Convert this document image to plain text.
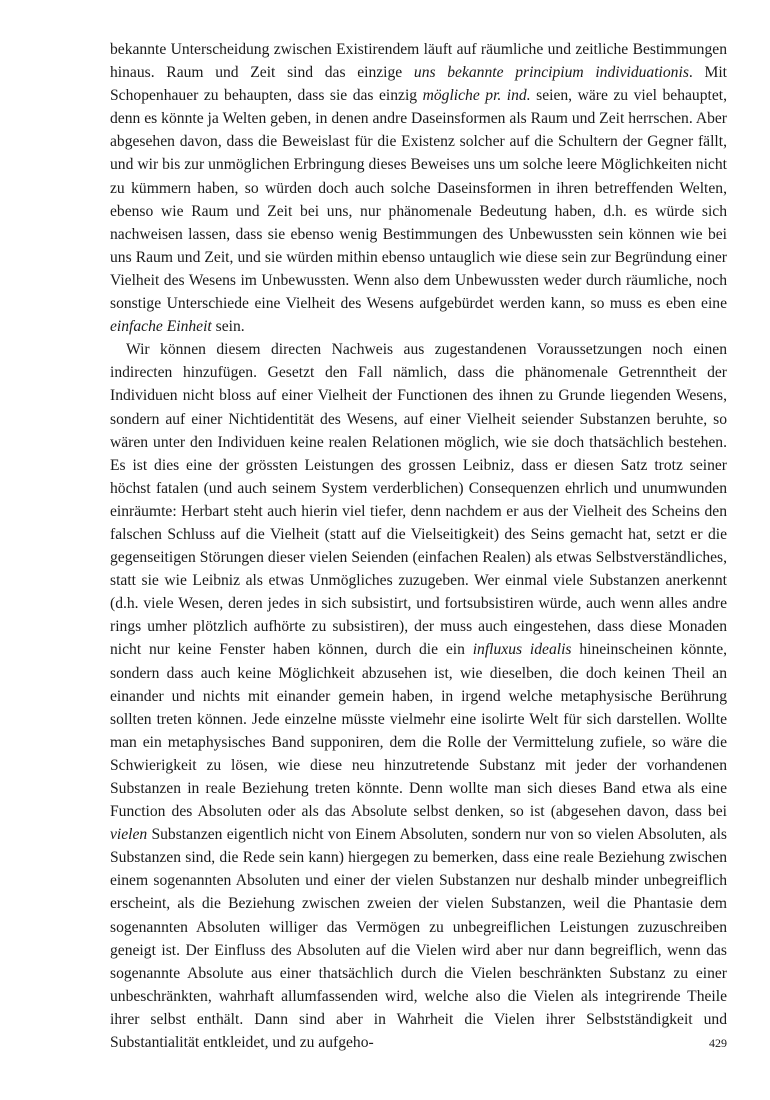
bekannte Unterscheidung zwischen Existirendem läuft auf räumliche und zeitliche Bestimmungen hinaus. Raum und Zeit sind das einzige uns bekannte principium individuationis. Mit Schopenhauer zu behaupten, dass sie das einzig mögliche pr. ind. seien, wäre zu viel behauptet, denn es könnte ja Welten geben, in denen andre Daseinsformen als Raum und Zeit herrschen. Aber abgesehen davon, dass die Beweislast für die Existenz solcher auf die Schultern der Gegner fällt, und wir bis zur unmöglichen Erbringung dieses Beweises uns um solche leere Möglichkeiten nicht zu kümmern haben, so würden doch auch solche Daseinsformen in ihren betreffenden Welten, ebenso wie Raum und Zeit bei uns, nur phänomenale Bedeutung haben, d.h. es würde sich nachweisen lassen, dass sie ebenso wenig Bestimmungen des Unbewussten sein können wie bei uns Raum und Zeit, und sie würden mithin ebenso untauglich wie diese sein zur Begründung einer Vielheit des Wesens im Unbewussten. Wenn also dem Unbewussten weder durch räumliche, noch sonstige Unterschiede eine Vielheit des Wesens aufgebürdet werden kann, so muss es eben eine einfache Einheit sein.

Wir können diesem directen Nachweis aus zugestandenen Voraussetzungen noch einen indirecten hinzufügen. Gesetzt den Fall nämlich, dass die phänomenale Getrenntheit der Individuen nicht bloss auf einer Vielheit der Functionen des ihnen zu Grunde liegenden Wesens, sondern auf einer Nichtidentität des Wesens, auf einer Vielheit seiender Substanzen beruhte, so wären unter den Individuen keine realen Relationen möglich, wie sie doch thatsächlich bestehen. Es ist dies eine der grössten Leistungen des grossen Leibniz, dass er diesen Satz trotz seiner höchst fatalen (und auch seinem System verderblichen) Consequenzen ehrlich und unumwunden einräumte: Herbart steht auch hierin viel tiefer, denn nachdem er aus der Vielheit des Scheins den falschen Schluss auf die Vielheit (statt auf die Vielseitigkeit) des Seins gemacht hat, setzt er die gegenseitigen Störungen dieser vielen Seienden (einfachen Realen) als etwas Selbstverständliches, statt sie wie Leibniz als etwas Unmögliches zuzugeben. Wer einmal viele Substanzen anerkennt (d.h. viele Wesen, deren jedes in sich subsistirt, und fortsubsistiren würde, auch wenn alles andre rings umher plötzlich aufhörte zu subsistiren), der muss auch eingestehen, dass diese Monaden nicht nur keine Fenster haben können, durch die ein influxus idealis hineinscheinen könnte, sondern dass auch keine Möglichkeit abzusehen ist, wie dieselben, die doch keinen Theil an einander und nichts mit einander gemein haben, in irgend welche metaphysische Berührung sollten treten können. Jede einzelne müsste vielmehr eine isolirte Welt für sich darstellen. Wollte man ein metaphysisches Band supponiren, dem die Rolle der Vermittelung zufiele, so wäre die Schwierigkeit zu lösen, wie diese neu hinzutretende Substanz mit jeder der vorhandenen Substanzen in reale Beziehung treten könnte. Denn wollte man sich dieses Band etwa als eine Function des Absoluten oder als das Absolute selbst denken, so ist (abgesehen davon, dass bei vielen Substanzen eigentlich nicht von Einem Absoluten, sondern nur von so vielen Absoluten, als Substanzen sind, die Rede sein kann) hiergegen zu bemerken, dass eine reale Beziehung zwischen einem sogenannten Absoluten und einer der vielen Substanzen nur deshalb minder unbegreiflich erscheint, als die Beziehung zwischen zweien der vielen Substanzen, weil die Phantasie dem sogenannten Absoluten williger das Vermögen zu unbegreiflichen Leistungen zuzuschreiben geneigt ist. Der Einfluss des Absoluten auf die Vielen wird aber nur dann begreiflich, wenn das sogenannte Absolute aus einer thatsächlich durch die Vielen beschränkten Substanz zu einer unbeschränkten, wahrhaft allumfassenden wird, welche also die Vielen als integrirende Theile ihrer selbst enthält. Dann sind aber in Wahrheit die Vielen ihrer Selbstständigkeit und Substantialität entkleidet, und zu aufgeho-	429
